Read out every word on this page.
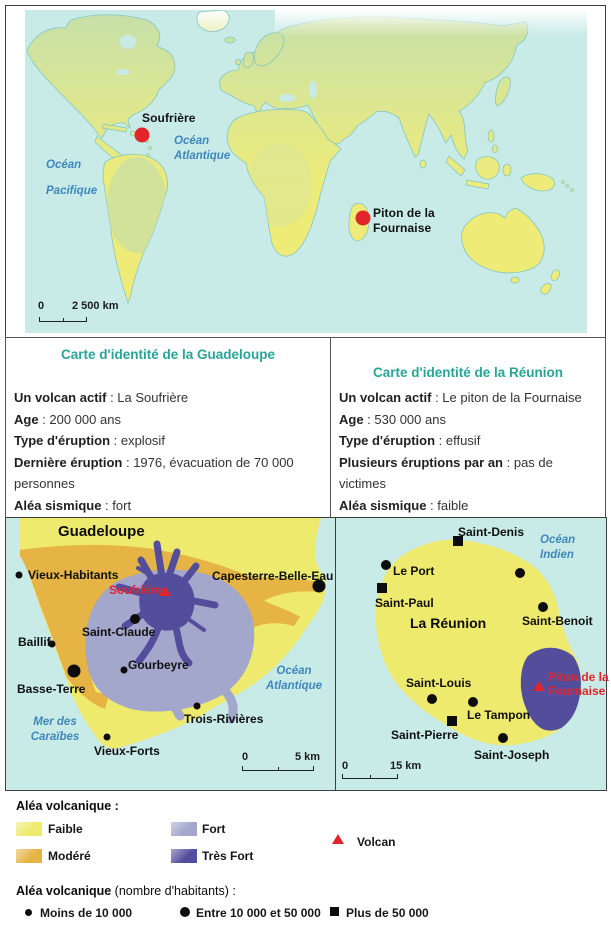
Soufrière
Piton de la
Fournaise
Océan
Atlantique
Océan
Pacifique
0	2 500 km
Carte d'identité de la Guadeloupe

Un volcan actif : La Soufrière

Age : 200 000 ans

Type d'éruption : explosif

Dernière éruption : 1976, évacuation de 70 000 personnes

Aléa sismique : fort

Carte d'identité de la Réunion

Un volcan actif : Le piton de la Fournaise

Age : 530 000 ans

Type d'éruption : effusif

Plusieurs éruptions par an : pas de victimes

Aléa sismique : faible

Guadeloupe
Soufrière
Océan
Atlantique
Mer des
Caraïbes
0	5 km
Vieux-Habitants	Capesterre-Belle-Eau
Saint-Claude
Baillif
Basse-Terre
Gourbeyre
Trois-Rivières
Vieux-Forts
La Réunion
Piton de la
Fournaise
Océan
Indien
0	15 km
Saint-Denis
Le Port
Saint-Paul
Saint-Benoit
Saint-Louis
Le Tampon
Saint-Pierre
Saint-Joseph
Aléa volcanique :
Faible
Modéré
Fort
Très Fort
Volcan
Aléa volcanique (nombre d'habitants) :
Moins de 10 000	Entre 10 000 et 50 000 Plus de 50 000
